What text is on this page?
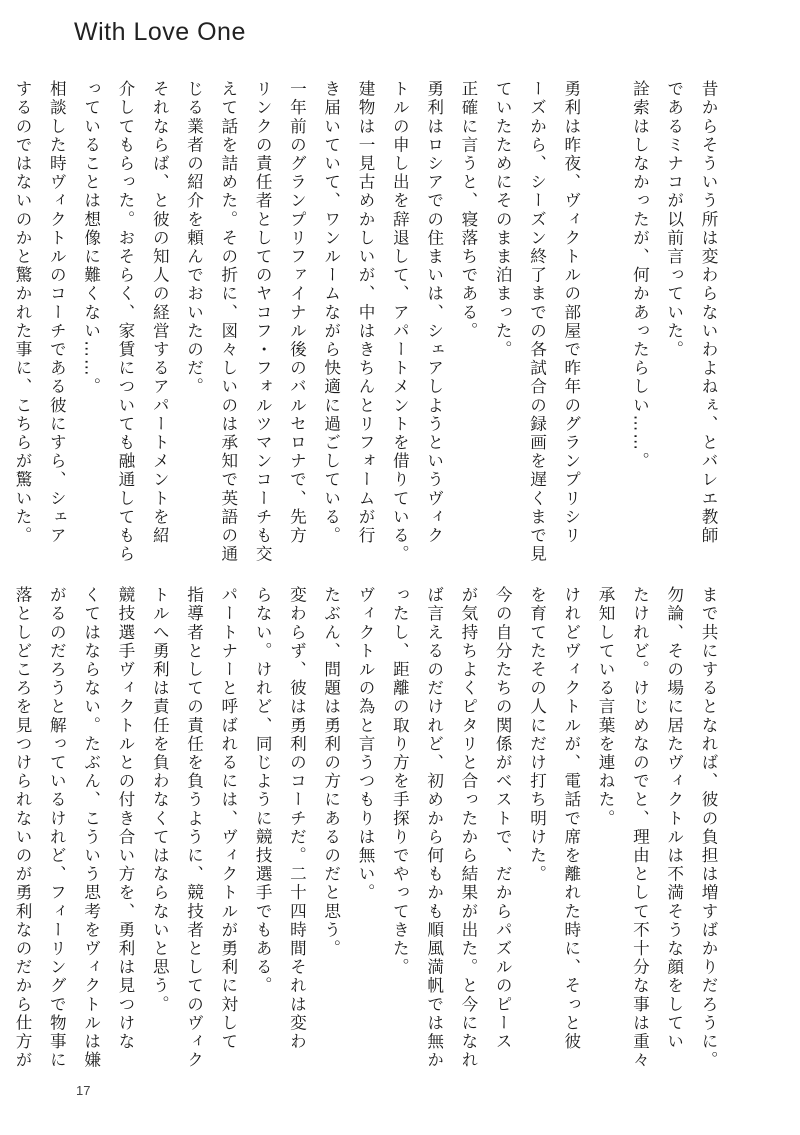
With Love One
昔からそういう所は変わらないわよねぇ、とバレエ教師
であるミナコが以前言っていた。
詮索はしなかったが、何かあったらしい……。

勇利は昨夜、ヴィクトルの部屋で昨年のグランプリシリ
ーズから、シーズン終了までの各試合の録画を遅くまで見
ていたためにそのまま泊まった。
正確に言うと、寝落ちである。
勇利はロシアでの住まいは、シェアしようというヴィク
トルの申し出を辞退して、アパートメントを借りている。
建物は一見古めかしいが、中はきちんとリフォームが行
き届いていて、ワンルームながら快適に過ごしている。
一年前のグランプリファイナル後のバルセロナで、先方
リンクの責任者としてのヤコフ・フォルツマンコーチも交
えて話を詰めた。その折に、図々しいのは承知で英語の通
じる業者の紹介を頼んでおいたのだ。
それならば、と彼の知人の経営するアパートメントを紹
介してもらった。おそらく、家賃についても融通してもら
っていることは想像に難くない……。
相談した時ヴィクトルのコーチである彼にすら、シェア
するのではないのかと驚かれた事に、こちらが驚いた。
まで共にするとなれば、彼の負担は増すばかりだろうに。
勿論、その場に居たヴィクトルは不満そうな顔をしてい
たけれど。けじめなのでと、理由として不十分な事は重々
承知している言葉を連ねた。
けれどヴィクトルが、電話で席を離れた時に、そっと彼
を育てたその人にだけ打ち明けた。
今の自分たちの関係がベストで、だからパズルのピース
が気持ちよくピタリと合ったから結果が出た。と今になれ
ば言えるのだけれど、初めから何もかも順風満帆では無か
ったし、距離の取り方を手探りでやってきた。
ヴィクトルの為と言うつもりは無い。
たぶん、問題は勇利の方にあるのだと思う。
変わらず、彼は勇利のコーチだ。二十四時間それは変わ
らない。けれど、同じように競技選手でもある。
パートナーと呼ばれるには、ヴィクトルが勇利に対して
指導者としての責任を負うように、競技者としてのヴィク
トルへ勇利は責任を負わなくてはならないと思う。
競技選手ヴィクトルとの付き合い方を、勇利は見つけな
くてはならない。たぶん、こういう思考をヴィクトルは嫌
がるのだろうと解っているけれど、フィーリングで物事に
落としどころを見つけられないのが勇利なのだから仕方が
17
